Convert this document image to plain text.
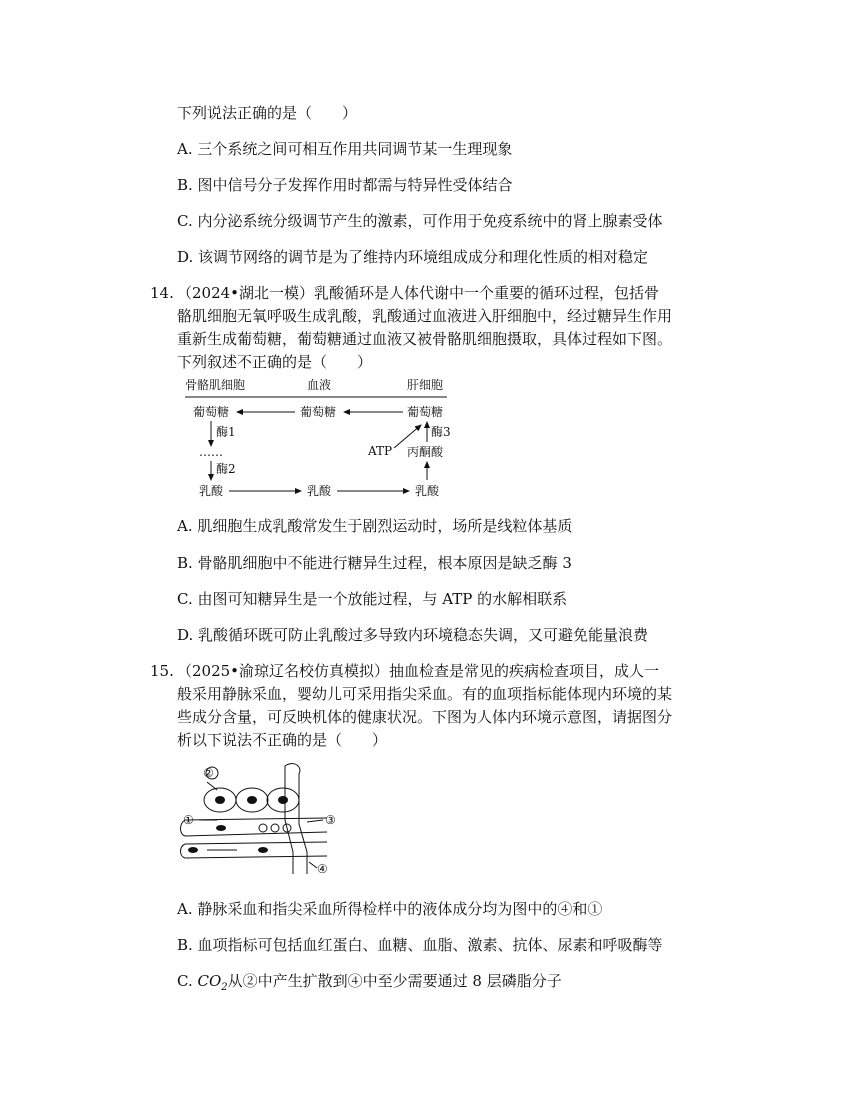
下列说法正确的是（　　）
A. 三个系统之间可相互作用共同调节某一生理现象
B. 图中信号分子发挥作用时都需与特异性受体结合
C. 内分泌系统分级调节产生的激素，可作用于免疫系统中的肾上腺素受体
D. 该调节网络的调节是为了维持内环境组成成分和理化性质的相对稳定
14. （2024•湖北一模）乳酸循环是人体代谢中一个重要的循环过程，包括骨
骼肌细胞无氧呼吸生成乳酸，乳酸通过血液进入肝细胞中，经过糖异生作用
重新生成葡萄糖，葡萄糖通过血液又被骨骼肌细胞摄取，具体过程如下图。
下列叙述不正确的是（　　）
骨骼肌细胞	血液	肝细胞
葡萄糖	葡萄糖	葡萄糖
酶1
……
酶2
ATP
酶3
丙酮酸
乳酸	乳酸	乳酸
A. 肌细胞生成乳酸常发生于剧烈运动时，场所是线粒体基质
B. 骨骼肌细胞中不能进行糖异生过程，根本原因是缺乏酶 3
C. 由图可知糖异生是一个放能过程，与 ATP 的水解相联系
D. 乳酸循环既可防止乳酸过多导致内环境稳态失调，又可避免能量浪费
15. （2025•渝琼辽名校仿真模拟）抽血检查是常见的疾病检查项目，成人一
般采用静脉采血，婴幼儿可采用指尖采血。有的血项指标能体现内环境的某
些成分含量，可反映机体的健康状况。下图为人体内环境示意图，请据图分
析以下说法不正确的是（　　）
②
①	③
④
A. 静脉采血和指尖采血所得检样中的液体成分均为图中的④和①
B. 血项指标可包括血红蛋白、血糖、血脂、激素、抗体、尿素和呼吸酶等
C. $CO_2$从②中产生扩散到④中至少需要通过 8 层磷脂分子
